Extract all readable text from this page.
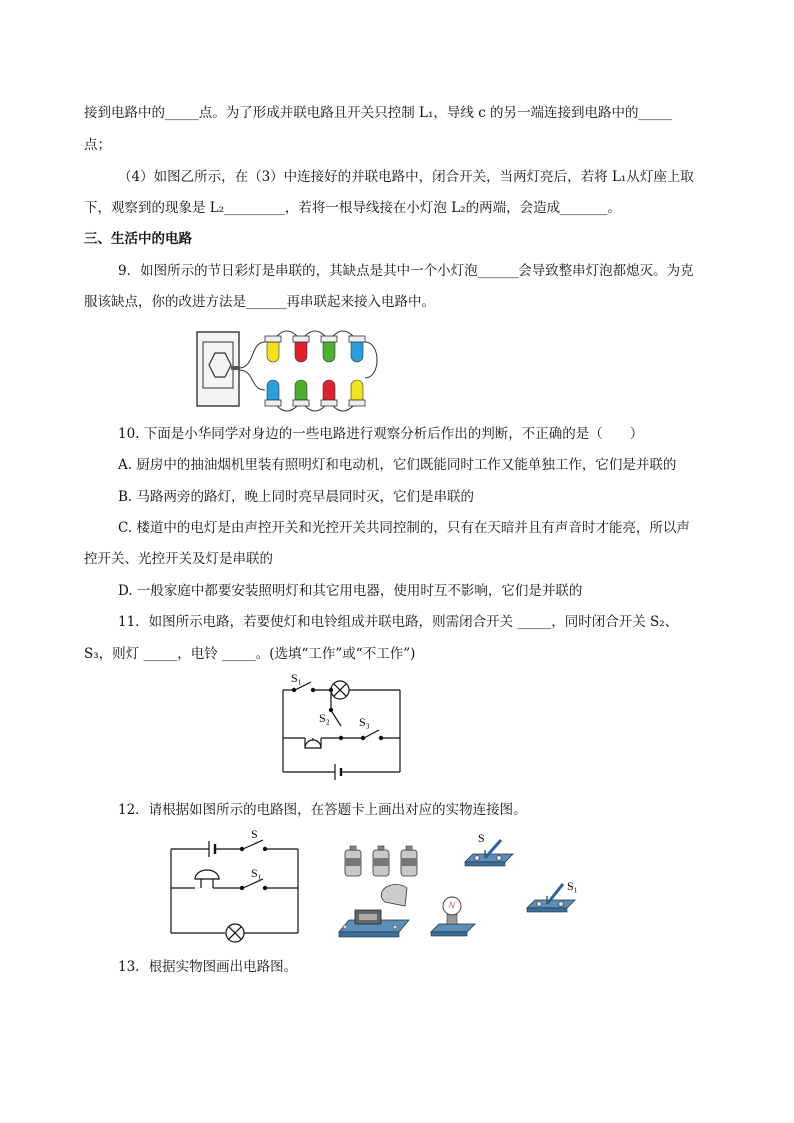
接到电路中的_____点。为了形成并联电路且开关只控制 L₁，导线 c 的另一端连接到电路中的_____
点；
（4）如图乙所示，在（3）中连接好的并联电路中，闭合开关，当两灯亮后，若将 L₁从灯座上取
下，观察到的现象是 L₂_________，若将一根导线接在小灯泡 L₂的两端，会造成_______。
三、生活中的电路
9．如图所示的节日彩灯是串联的，其缺点是其中一个小灯泡______会导致整串灯泡都熄灭。为克
服该缺点，你的改进方法是______再串联起来接入电路中。
10. 下面是小华同学对身边的一些电路进行观察分析后作出的判断，不正确的是（　　）
A. 厨房中的抽油烟机里装有照明灯和电动机，它们既能同时工作又能单独工作，它们是并联的
B. 马路两旁的路灯，晚上同时亮早晨同时灭，它们是串联的
C. 楼道中的电灯是由声控开关和光控开关共同控制的，只有在天暗并且有声音时才能亮，所以声
控开关、光控开关及灯是串联的
D. 一般家庭中都要安装照明灯和其它用电器，使用时互不影响，它们是并联的
11．如图所示电路，若要使灯和电铃组成并联电路，则需闭合开关 _____，同时闭合开关 S₂、
S₃，则灯 _____，电铃 _____。(选填“工作”或“不工作”)
S₁
S₂ S₃
12．请根据如图所示的电路图，在答题卡上画出对应的实物连接图。
S
S₁
S
S₁
13．根据实物图画出电路图。
